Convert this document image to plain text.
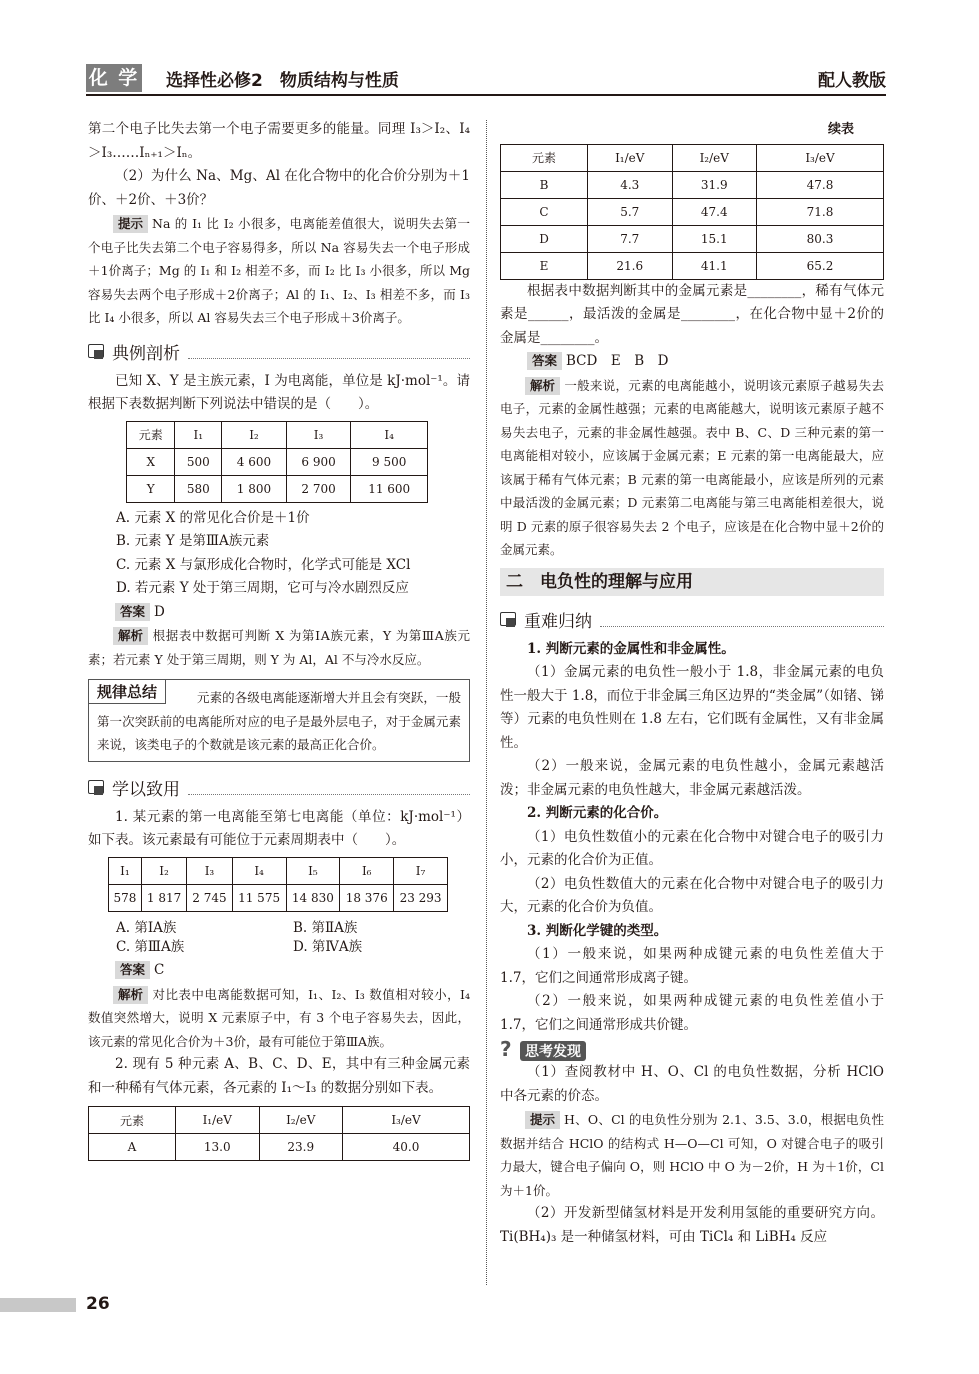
化 学 选择性必修2　物质结构与性质	配人教版

第二个电子比失去第一个电子需要更多的能量。同理 I₃＞I₂、I₄＞I₃……Iₙ₊₁＞Iₙ。

（2）为什么 Na、Mg、Al 在化合物中的化合价分别为＋1价、＋2价、＋3价？

提示 Na 的 I₁ 比 I₂ 小很多，电离能差值很大，说明失去第一个电子比失去第二个电子容易得多，所以 Na 容易失去一个电子形成＋1价离子；Mg 的 I₁ 和 I₂ 相差不多，而 I₂ 比 I₃ 小很多，所以 Mg 容易失去两个电子形成＋2价离子；Al 的 I₁、I₂、I₃ 相差不多，而 I₃ 比 I₄ 小很多，所以 Al 容易失去三个电子形成＋3价离子。

典例剖析

已知 X、Y 是主族元素，I 为电离能，单位是 kJ·mol⁻¹。请根据下表数据判断下列说法中错误的是（　　）。

元素	I₁	I₂	I₃	I₄
X	500	4 600	6 900	9 500
Y	580	1 800	2 700	11 600

A. 元素 X 的常见化合价是＋1价

B. 元素 Y 是第ⅢA族元素

C. 元素 X 与氯形成化合物时，化学式可能是 XCl

D. 若元素 Y 处于第三周期，它可与冷水剧烈反应

答案 D

解析 根据表中数据可判断 X 为第ⅠA族元素，Y 为第ⅢA族元素；若元素 Y 处于第三周期，则 Y 为 Al，Al 不与冷水反应。

规律总结	元素的各级电离能逐渐增大并且会有突跃，一般第一次突跃前的电离能所对应的电子是最外层电子，对于金属元素来说，该类电子的个数就是该元素的最高正化合价。

学以致用

1. 某元素的第一电离能至第七电离能（单位：kJ·mol⁻¹）如下表。该元素最有可能位于元素周期表中（　　）。

I₁	I₂	I₃	I₄	I₅	I₆	I₇
578	1 817	2 745	11 575	14 830	18 376	23 293
A. 第ⅠA族	B. 第ⅡA族
C. 第ⅢA族	D. 第ⅣA族

答案 C

解析 对比表中电离能数据可知，I₁、I₂、I₃ 数值相对较小，I₄ 数值突然增大，说明 X 元素原子中，有 3 个电子容易失去，因此，该元素的常见化合价为＋3价，最有可能位于第ⅢA族。

2. 现有 5 种元素 A、B、C、D、E，其中有三种金属元素和一种稀有气体元素，各元素的 I₁～I₃ 的数据分别如下表。

元素	I₁/eV	I₂/eV	I₃/eV
A	13.0	23.9	40.0

续表

元素	I₁/eV	I₂/eV	I₃/eV
B	4.3	31.9	47.8
C	5.7	47.4	71.8
D	7.7	15.1	80.3
E	21.6	41.1	65.2

根据表中数据判断其中的金属元素是________，稀有气体元素是______，最活泼的金属是________，在化合物中显＋2价的金属是________。

答案 BCD　E　B　D

解析 一般来说，元素的电离能越小，说明该元素原子越易失去电子，元素的金属性越强；元素的电离能越大，说明该元素原子越不易失去电子，元素的非金属性越强。表中 B、C、D 三种元素的第一电离能相对较小，应该属于金属元素；E 元素的第一电离能最大，应该属于稀有气体元素；B 元素的第一电离能最小，应该是所列的元素中最活泼的金属元素；D 元素第二电离能与第三电离能相差很大，说明 D 元素的原子很容易失去 2 个电子，应该是在化合物中显＋2价的金属元素。

二　电负性的理解与应用
重难归纳

1. 判断元素的金属性和非金属性。

（1）金属元素的电负性一般小于 1.8，非金属元素的电负性一般大于 1.8，而位于非金属三角区边界的“类金属”（如锗、锑等）元素的电负性则在 1.8 左右，它们既有金属性，又有非金属性。

（2）一般来说，金属元素的电负性越小，金属元素越活泼；非金属元素的电负性越大，非金属元素越活泼。

2. 判断元素的化合价。

（1）电负性数值小的元素在化合物中对键合电子的吸引力小，元素的化合价为正值。

（2）电负性数值大的元素在化合物中对键合电子的吸引力大，元素的化合价为负值。

3. 判断化学键的类型。

（1）一般来说，如果两种成键元素的电负性差值大于 1.7，它们之间通常形成离子键。

（2）一般来说，如果两种成键元素的电负性差值小于 1.7，它们之间通常形成共价键。

? 思考发现

（1）查阅教材中 H、O、Cl 的电负性数据，分析 HClO 中各元素的价态。

提示 H、O、Cl 的电负性分别为 2.1、3.5、3.0，根据电负性数据并结合 HClO 的结构式 H—O—Cl 可知，O 对键合电子的吸引力最大，键合电子偏向 O，则 HClO 中 O 为－2价，H 为＋1价，Cl 为＋1价。

（2）开发新型储氢材料是开发利用氢能的重要研究方向。Ti(BH₄)₃ 是一种储氢材料，可由 TiCl₄ 和 LiBH₄ 反应

26
